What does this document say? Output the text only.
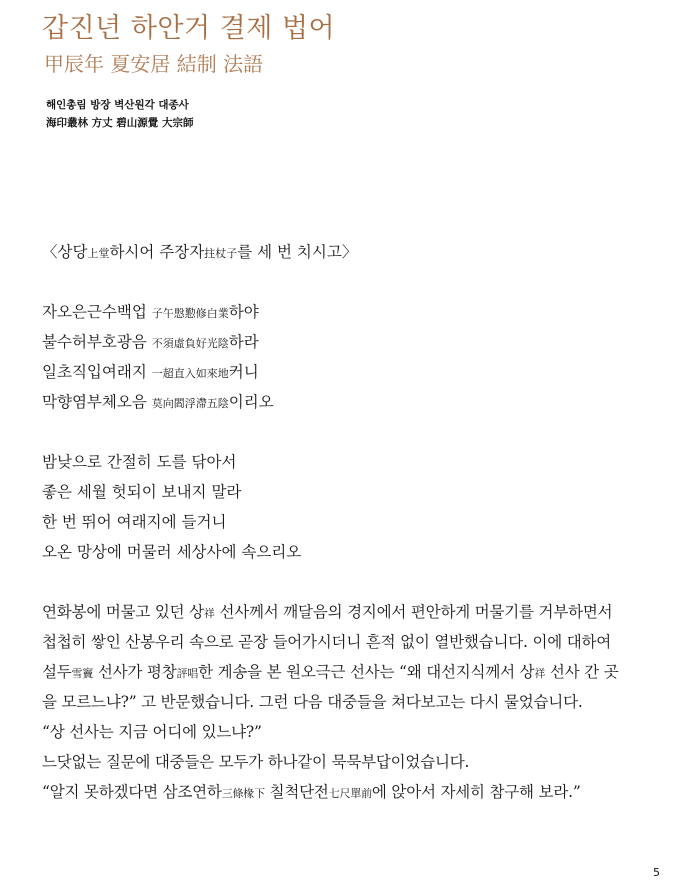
갑진년 하안거 결제 법어
甲辰年 夏安居 結制 法語
해인총림 방장 벽산원각 대종사
海印叢林 方丈 碧山源覺 大宗師
〈상당上堂하시어 주장자拄杖子를 세 번 치시고〉
자오은근수백업 子午慇懃修白業하야
불수허부호광음 不須虛負好光陰하라
일초직입여래지 一超直入如來地커니
막향염부체오음 莫向閻浮滯五陰이리오
밤낮으로 간절히 도를 닦아서
좋은 세월 헛되이 보내지 말라
한 번 뛰어 여래지에 들거니
오온 망상에 머물러 세상사에 속으리오
연화봉에 머물고 있던 상祥 선사께서 깨달음의 경지에서 편안하게 머물기를 거부하면서
첩첩히 쌓인 산봉우리 속으로 곧장 들어가시더니 흔적 없이 열반했습니다. 이에 대하여
설두雪竇 선사가 평창評唱한 게송을 본 원오극근 선사는 “왜 대선지식께서 상祥 선사 간 곳
을 모르느냐?” 고 반문했습니다. 그런 다음 대중들을 쳐다보고는 다시 물었습니다.
“상 선사는 지금 어디에 있느냐?”
느닷없는 질문에 대중들은 모두가 하나같이 묵묵부답이었습니다.
“알지 못하겠다면 삼조연하三條椽下 칠척단전七尺單前에 앉아서 자세히 참구해 보라.”
5
